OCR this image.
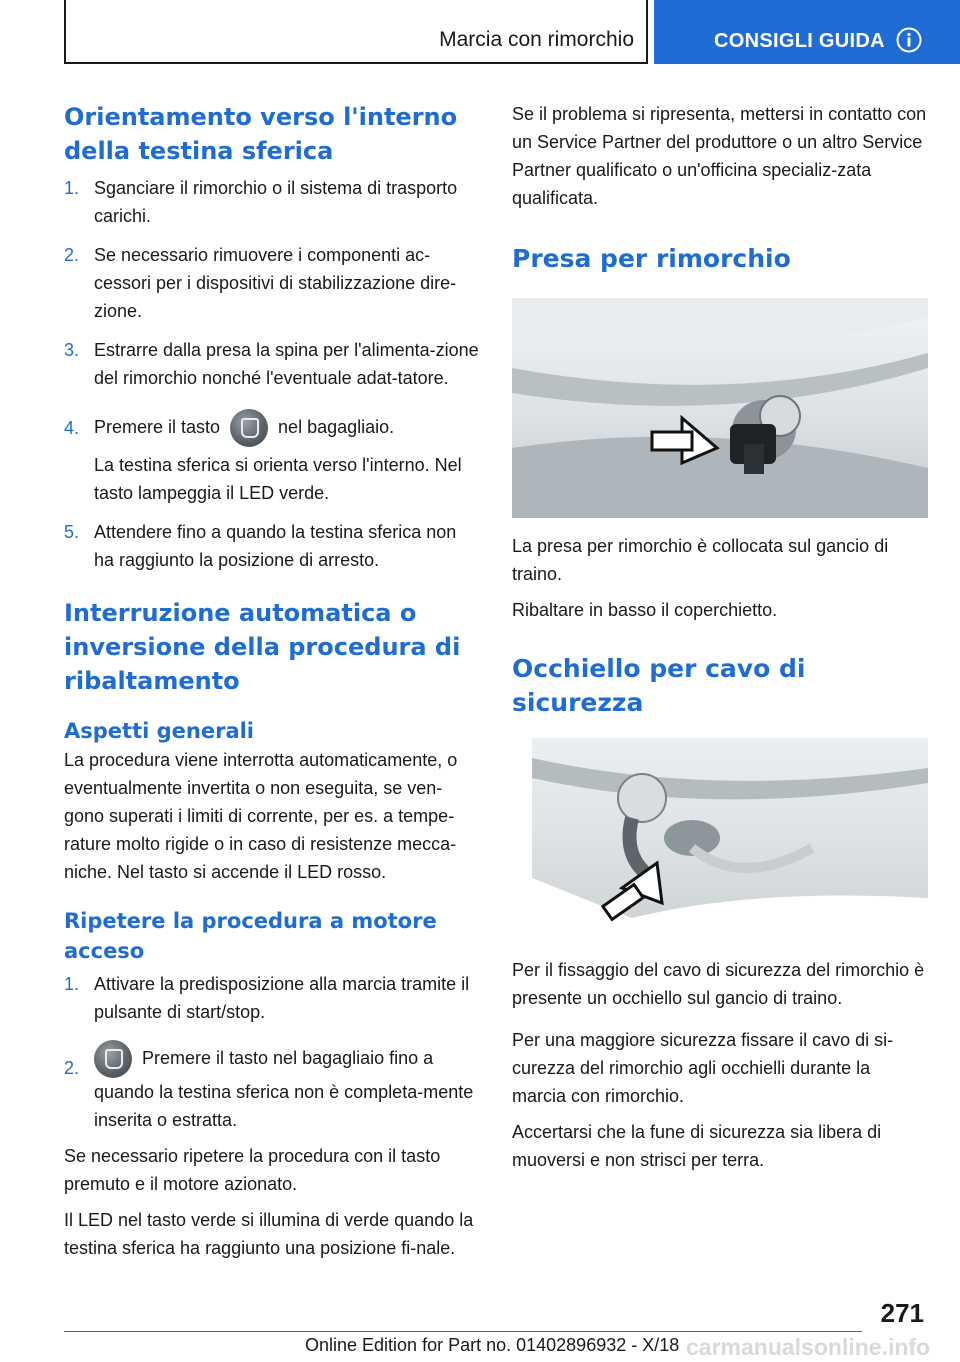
Marcia con rimorchio	CONSIGLI GUIDA
Orientamento verso l'interno della testina sferica
1. Sganciare il rimorchio o il sistema di trasporto carichi.
2. Se necessario rimuovere i componenti ac-cessori per i dispositivi di stabilizzazione dire-zione.
3. Estrarre dalla presa la spina per l'alimenta-zione del rimorchio nonché l'eventuale adat-tatore.
4. Premere il tasto	nel bagagliaio.
La testina sferica si orienta verso l'interno. Nel tasto lampeggia il LED verde.
5. Attendere fino a quando la testina sferica non ha raggiunto la posizione di arresto.
Interruzione automatica o inversione della procedura di ribaltamento
Aspetti generali

La procedura viene interrotta automaticamente, o eventualmente invertita o non eseguita, se ven-gono superati i limiti di corrente, per es. a tempe-rature molto rigide o in caso di resistenze mecca-niche. Nel tasto si accende il LED rosso.

Ripetere la procedura a motore acceso
1. Attivare la predisposizione alla marcia tramite il pulsante di start/stop.
2.
Premere il tasto nel bagagliaio fino a quando la testina sferica non è completa-mente inserita o estratta.

Se necessario ripetere la procedura con il tasto premuto e il motore azionato.

Il LED nel tasto verde si illumina di verde quando la testina sferica ha raggiunto una posizione fi-nale.

Se il problema si ripresenta, mettersi in contatto con un Service Partner del produttore o un altro Service Partner qualificato o un'officina specializ-zata qualificata.

Presa per rimorchio

La presa per rimorchio è collocata sul gancio di traino.

Ribaltare in basso il coperchietto.

Occhiello per cavo di sicurezza

Per il fissaggio del cavo di sicurezza del rimorchio è presente un occhiello sul gancio di traino.

Per una maggiore sicurezza fissare il cavo di si-curezza del rimorchio agli occhielli durante la marcia con rimorchio.

Accertarsi che la fune di sicurezza sia libera di muoversi e non strisci per terra.

271
Online Edition for Part no. 01402896932 - X/18 carmanualsonline.info
